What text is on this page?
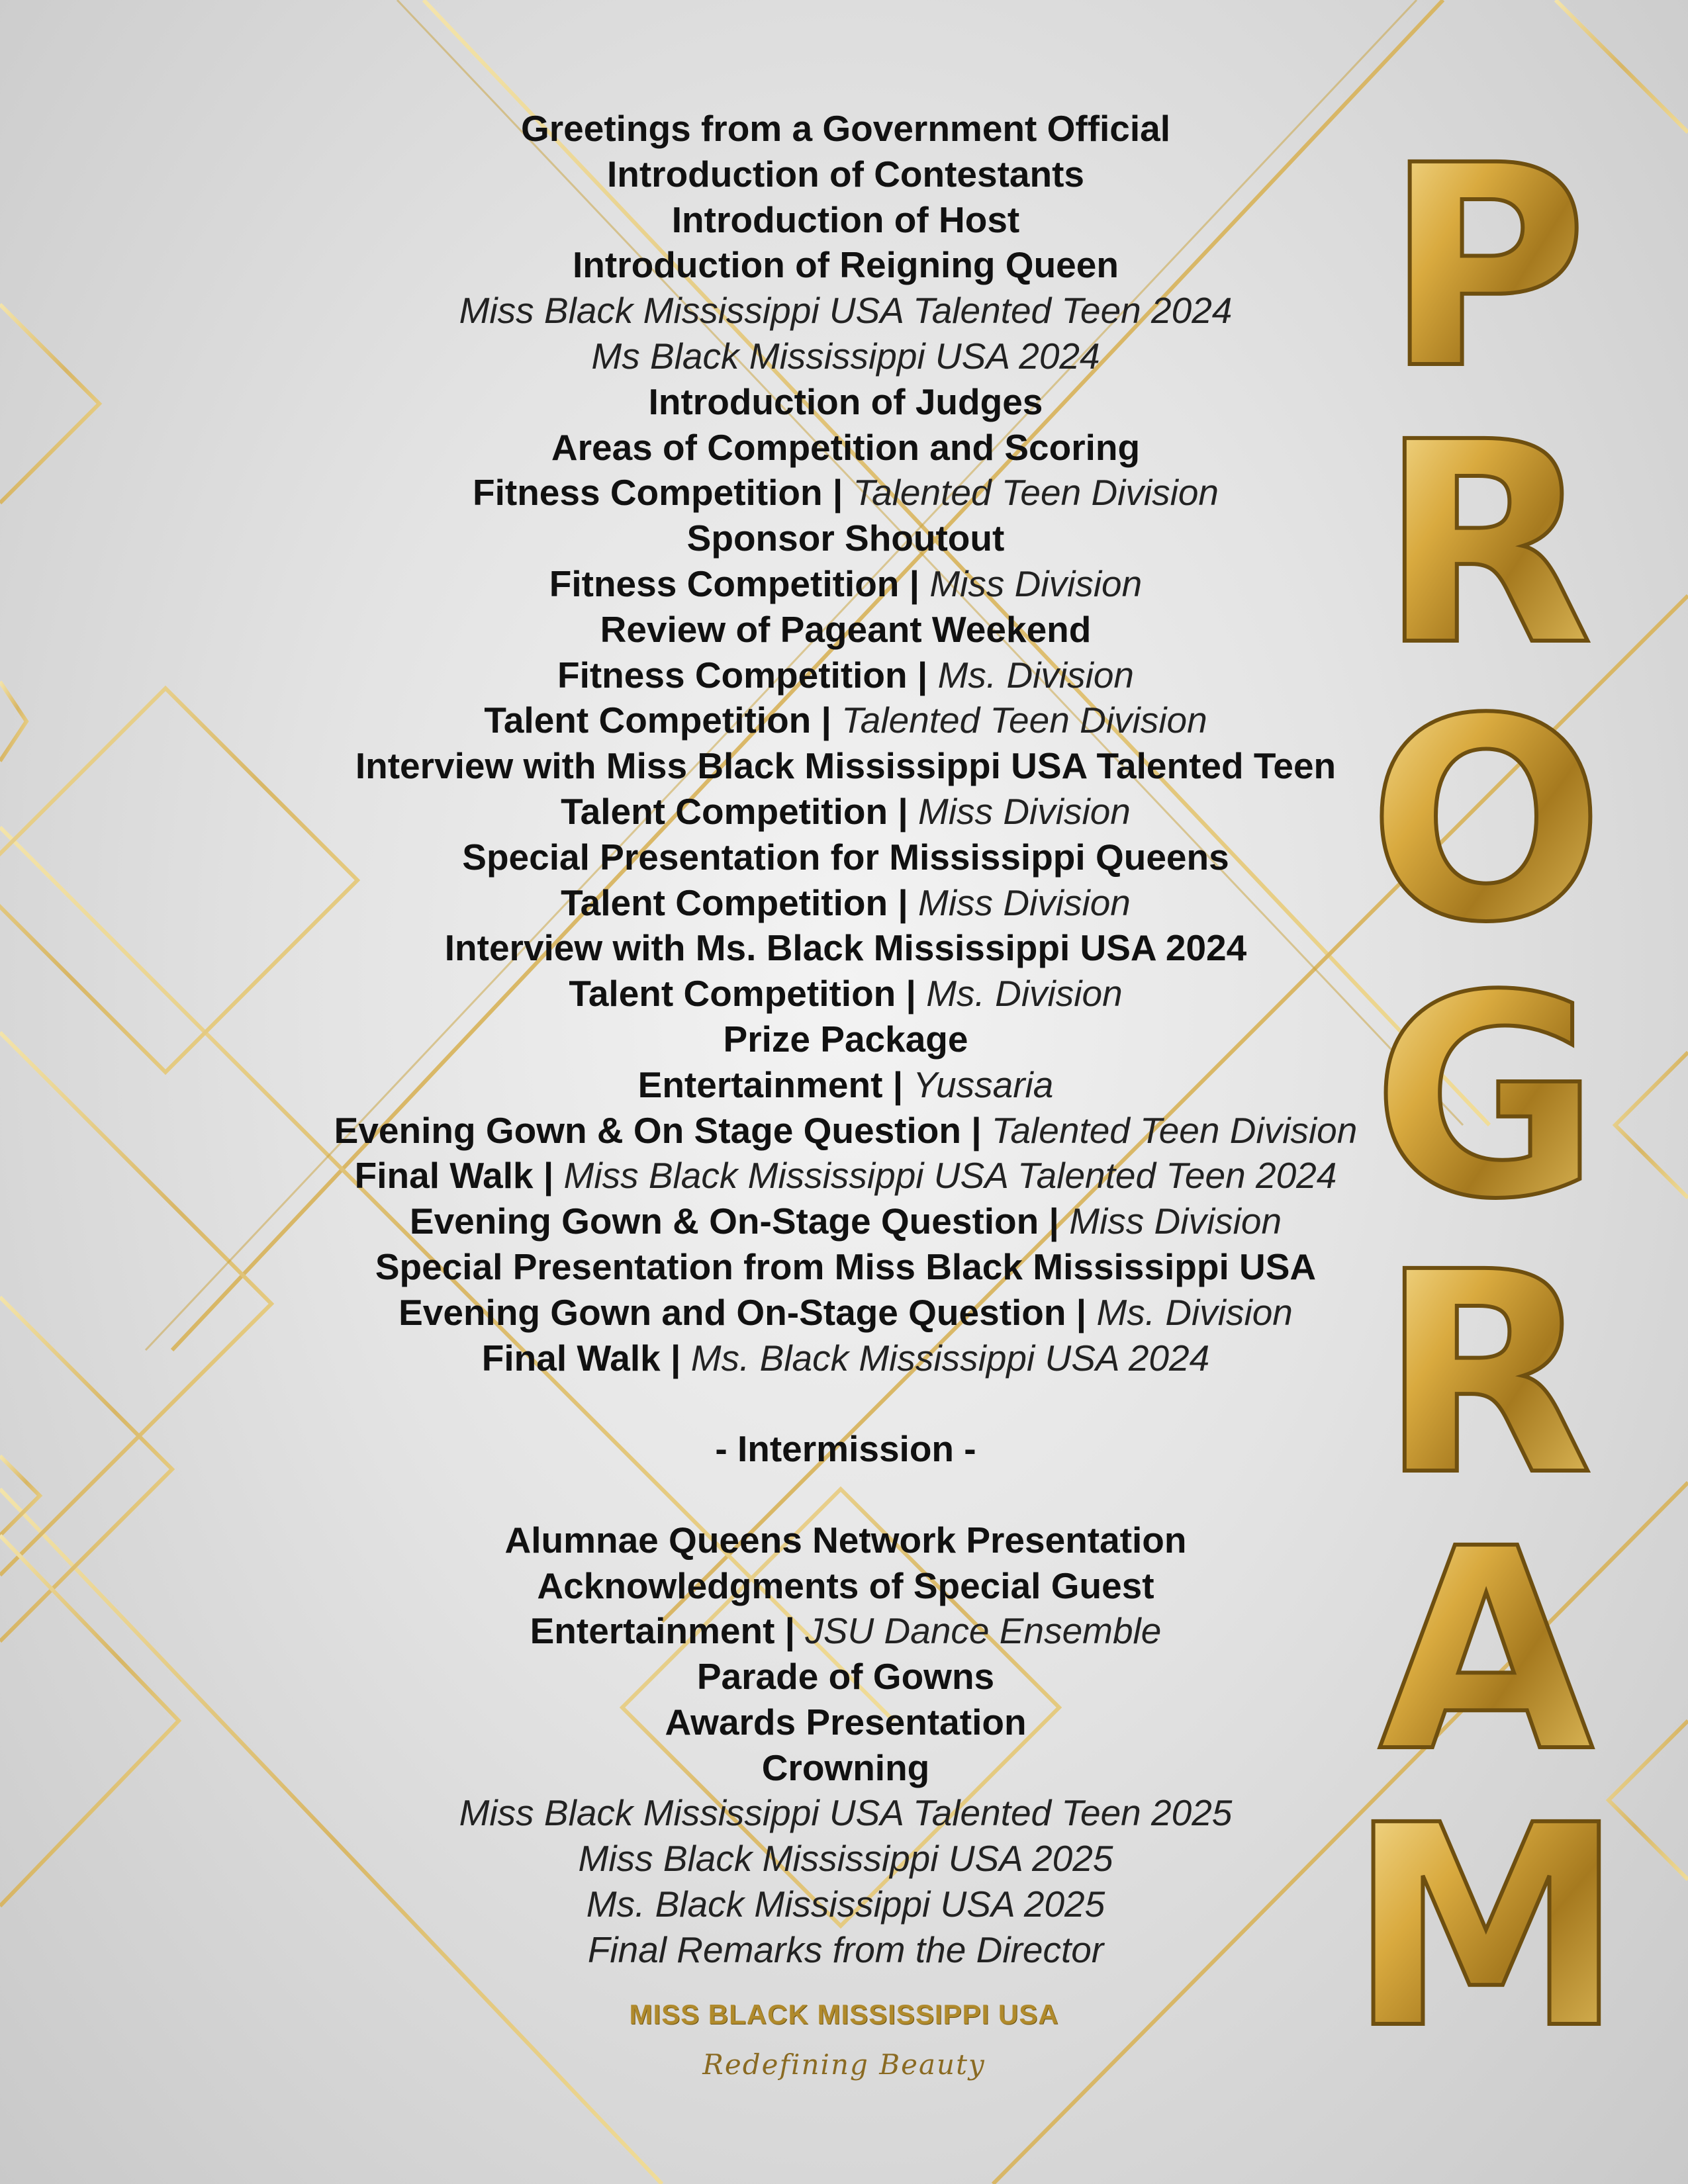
Greetings from a Government Official
Introduction of Contestants
Introduction of Host
Introduction of Reigning Queen
Miss Black Mississippi USA Talented Teen 2024
Ms Black Mississippi USA 2024
Introduction of Judges
Areas of Competition and Scoring
Fitness Competition | Talented Teen Division
Sponsor Shoutout
Fitness Competition | Miss Division
Review of Pageant Weekend
Fitness Competition | Ms. Division
Talent Competition | Talented Teen Division
Interview with Miss Black Mississippi USA Talented Teen
Talent Competition | Miss Division
Special Presentation for Mississippi Queens
Talent Competition | Miss Division
Interview with Ms. Black Mississippi USA 2024
Talent Competition | Ms. Division
Prize Package
Entertainment | Yussaria
Evening Gown & On Stage Question | Talented Teen Division
Final Walk | Miss Black Mississippi USA Talented Teen 2024
Evening Gown & On-Stage Question | Miss Division
Special Presentation from Miss Black Mississippi USA
Evening Gown and On-Stage Question | Ms. Division
Final Walk | Ms. Black Mississippi USA 2024
- Intermission -
Alumnae Queens Network Presentation
Acknowledgments of Special Guest
Entertainment | JSU Dance Ensemble
Parade of Gowns
Awards Presentation
Crowning
Miss Black Mississippi USA Talented Teen 2025
Miss Black Mississippi USA 2025
Ms. Black Mississippi USA 2025
Final Remarks from the Director
P
R
O
G
R
A
M
MISS BLACK MISSISSIPPI USA
Redefining Beauty
